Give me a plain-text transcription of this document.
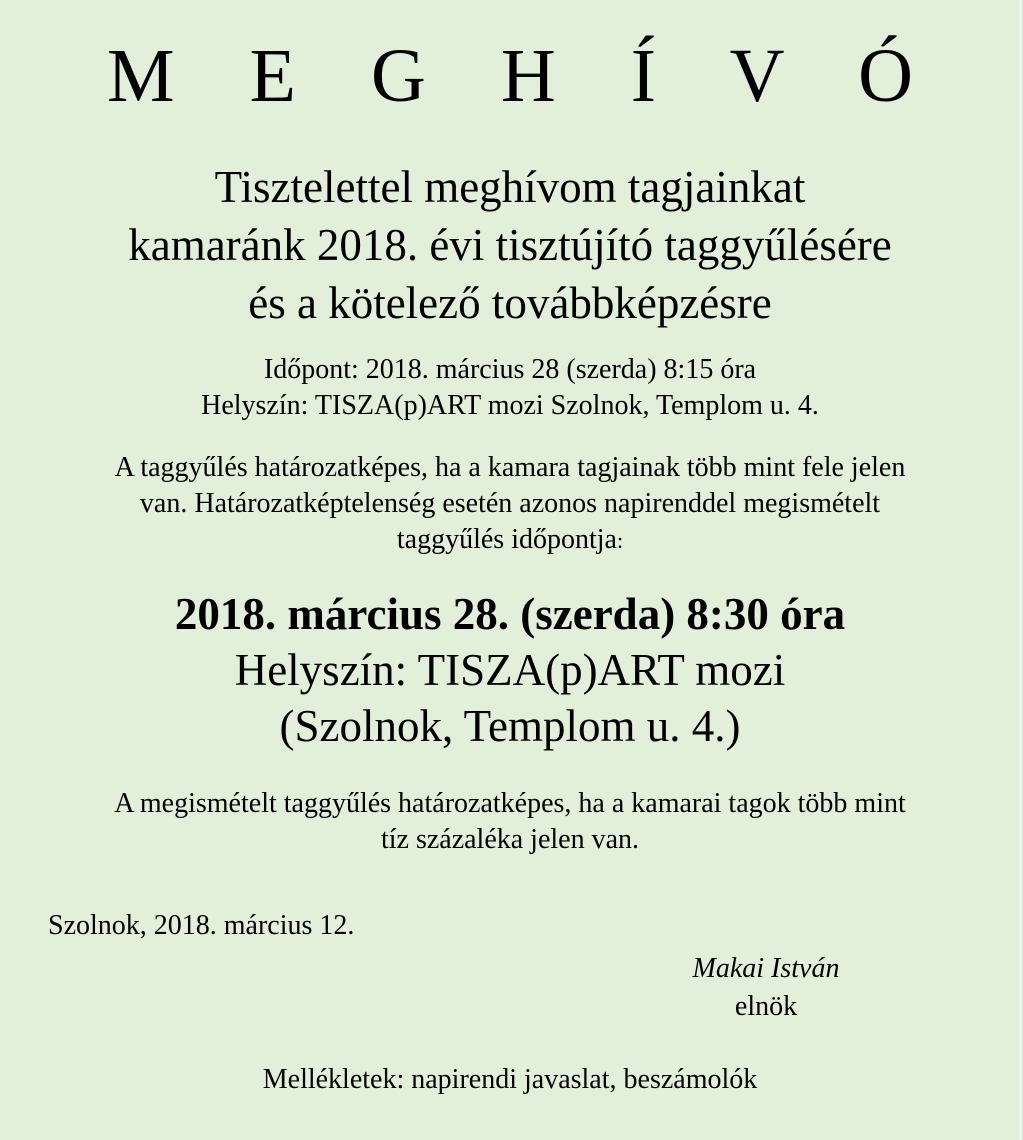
M E G H Í V Ó
Tisztelettel meghívom tagjainkat
kamaránk 2018. évi tisztújító taggyűlésére
és a kötelező továbbképzésre
Időpont: 2018. március 28 (szerda) 8:15 óra
Helyszín: TISZA(p)ART mozi Szolnok, Templom u. 4.
A taggyűlés határozatképes, ha a kamara tagjainak több mint fele jelen
van. Határozatképtelenség esetén azonos napirenddel megismételt
taggyűlés időpontja:
2018. március 28. (szerda) 8:30 óra
Helyszín: TISZA(p)ART mozi
(Szolnok, Templom u. 4.)
A megismételt taggyűlés határozatképes, ha a kamarai tagok több mint
tíz százaléka jelen van.
Szolnok, 2018. március 12.
Makai István
elnök
Mellékletek: napirendi javaslat, beszámolók
